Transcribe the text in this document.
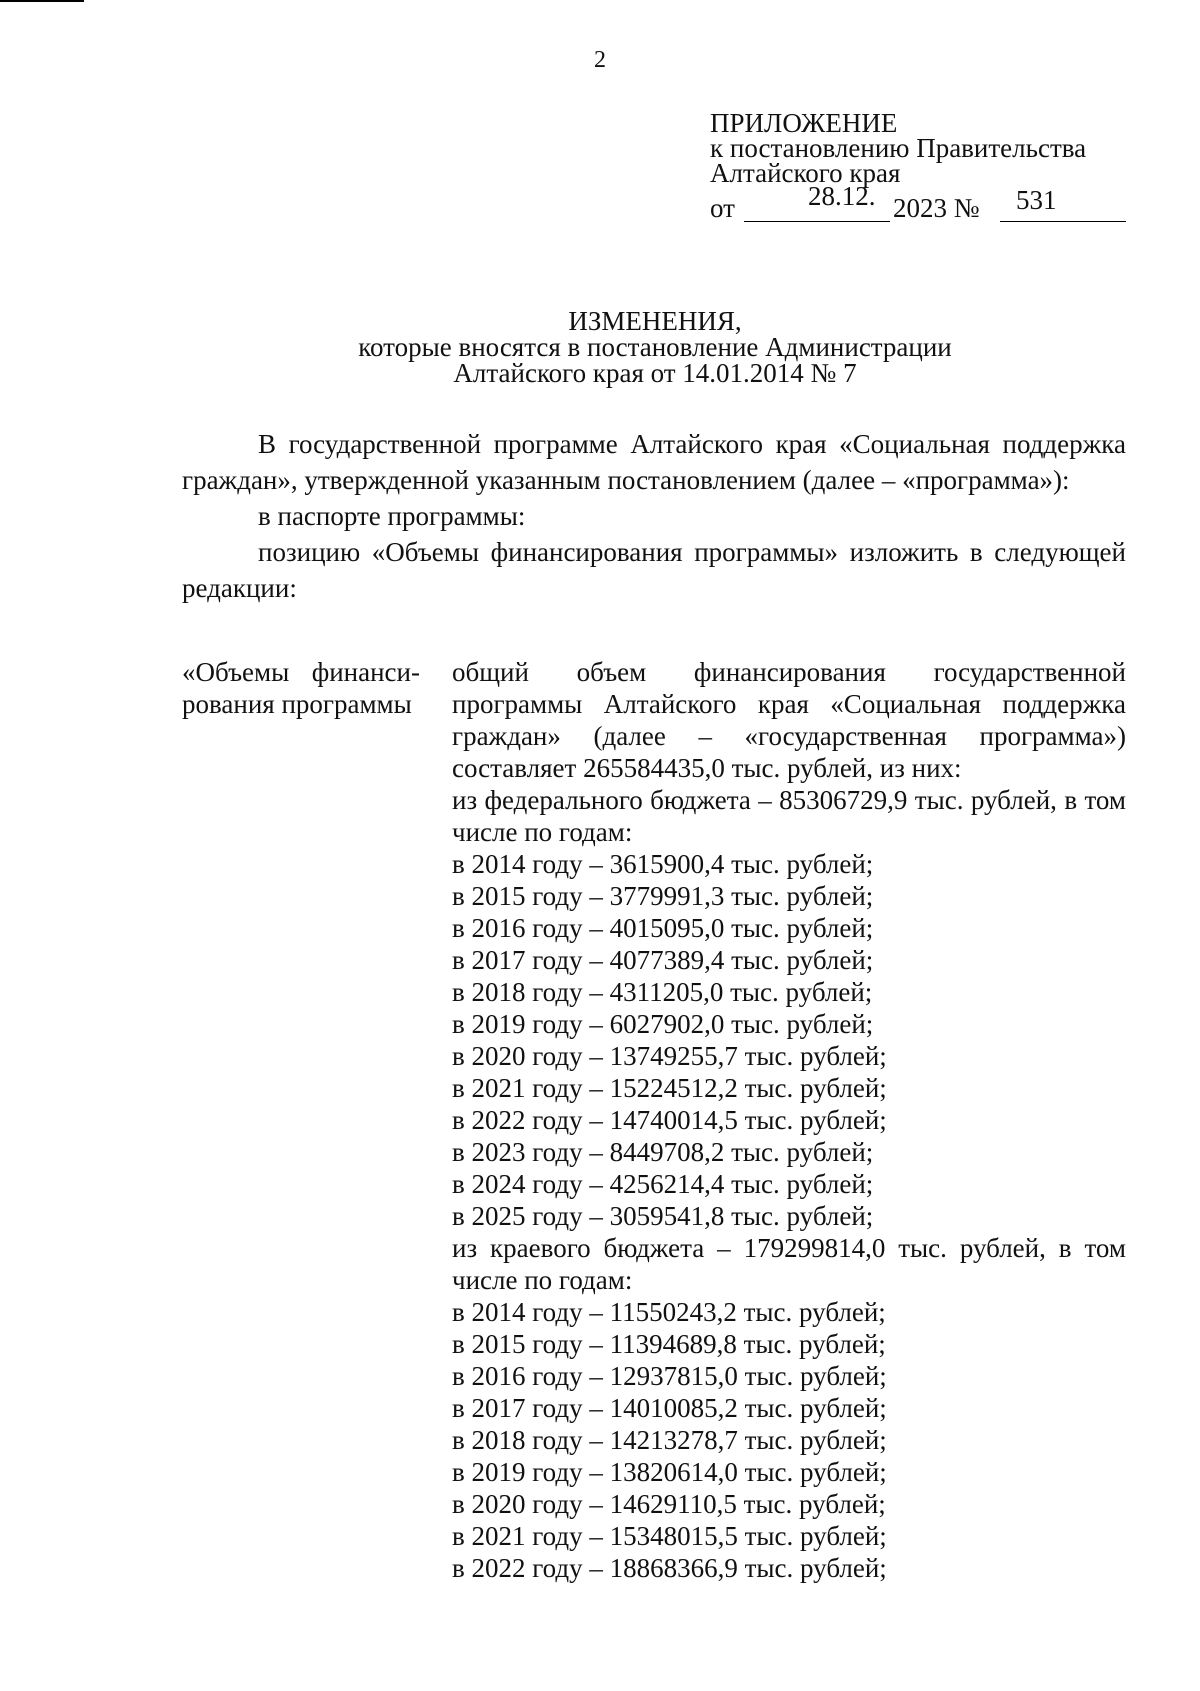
2
ПРИЛОЖЕНИЕ
к постановлению Правительства
Алтайского края
от	28.12. 2023 № 531
ИЗМЕНЕНИЯ,
которые вносятся в постановление Администрации
Алтайского края от 14.01.2014 № 7

В государственной программе Алтайского края «Социальная поддержка граждан», утвержденной указанным постановлением (далее – «программа»):

в паспорте программы:

позицию «Объемы финансирования программы» изложить в следующей редакции:

«Объемы финансирования программы

общий объем финансирования государственной программы Алтайского края «Социальная поддержка граждан» (далее – «государственная программа») составляет 265584435,0 тыс. рублей, из них:

из федерального бюджета – 85306729,9 тыс. рублей, в том числе по годам:

в 2014 году – 3615900,4 тыс. рублей;

в 2015 году – 3779991,3 тыс. рублей;

в 2016 году – 4015095,0 тыс. рублей;

в 2017 году – 4077389,4 тыс. рублей;

в 2018 году – 4311205,0 тыс. рублей;

в 2019 году – 6027902,0 тыс. рублей;

в 2020 году – 13749255,7 тыс. рублей;

в 2021 году – 15224512,2 тыс. рублей;

в 2022 году – 14740014,5 тыс. рублей;

в 2023 году – 8449708,2 тыс. рублей;

в 2024 году – 4256214,4 тыс. рублей;

в 2025 году – 3059541,8 тыс. рублей;

из краевого бюджета – 179299814,0 тыс. рублей, в том числе по годам:

в 2014 году – 11550243,2 тыс. рублей;

в 2015 году – 11394689,8 тыс. рублей;

в 2016 году – 12937815,0 тыс. рублей;

в 2017 году – 14010085,2 тыс. рублей;

в 2018 году – 14213278,7 тыс. рублей;

в 2019 году – 13820614,0 тыс. рублей;

в 2020 году – 14629110,5 тыс. рублей;

в 2021 году – 15348015,5 тыс. рублей;

в 2022 году – 18868366,9 тыс. рублей;
